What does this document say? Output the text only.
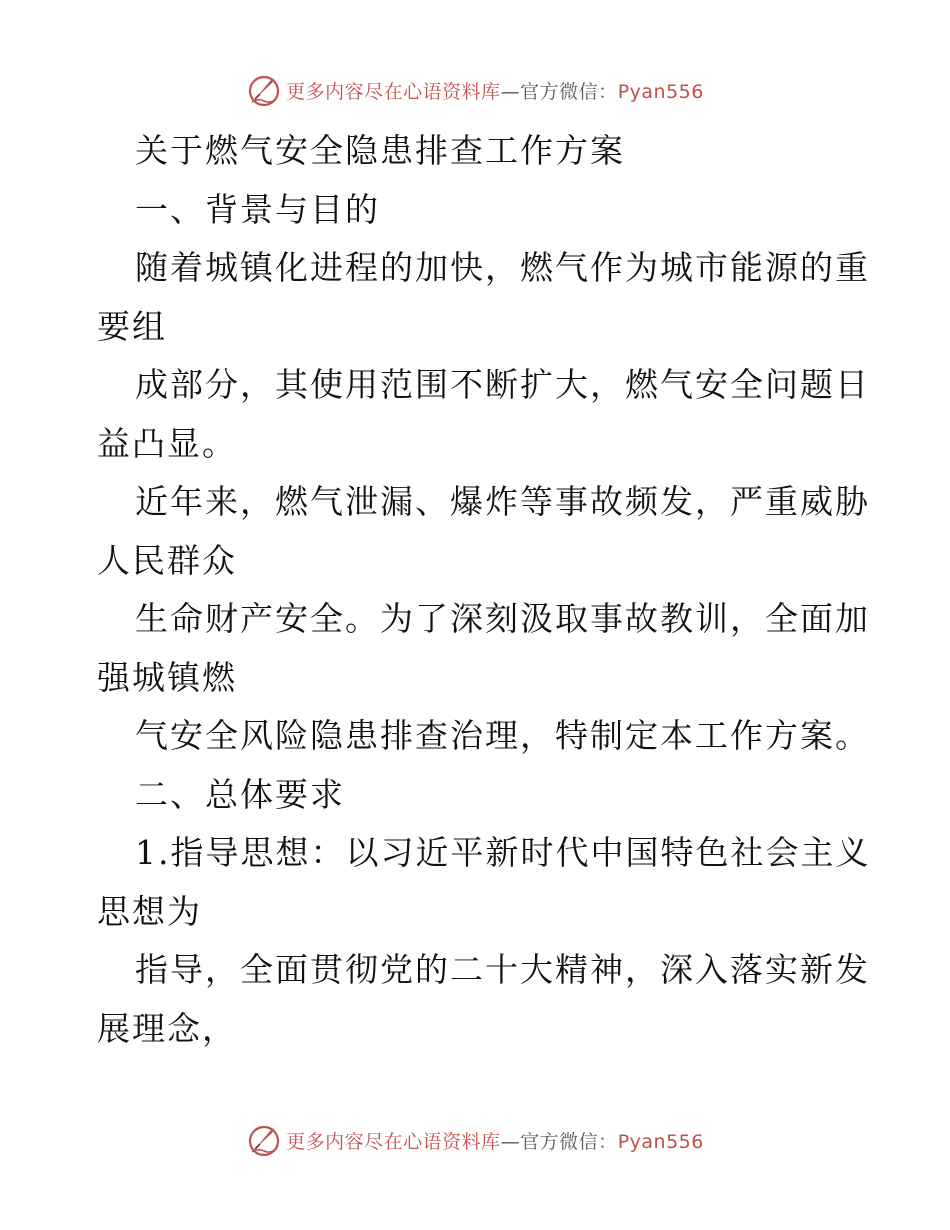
更多内容尽在心语资料库—官方微信：Pyan556
关于燃气安全隐患排查工作方案
一、背景与目的
随着城镇化进程的加快，燃气作为城市能源的重
要组
成部分，其使用范围不断扩大，燃气安全问题日
益凸显。
近年来，燃气泄漏、爆炸等事故频发，严重威胁
人民群众
生命财产安全。为了深刻汲取事故教训，全面加
强城镇燃
气安全风险隐患排查治理，特制定本工作方案。
二、总体要求
1.指导思想：以习近平新时代中国特色社会主义
思想为
指导，全面贯彻党的二十大精神，深入落实新发
展理念，
更多内容尽在心语资料库—官方微信：Pyan556
